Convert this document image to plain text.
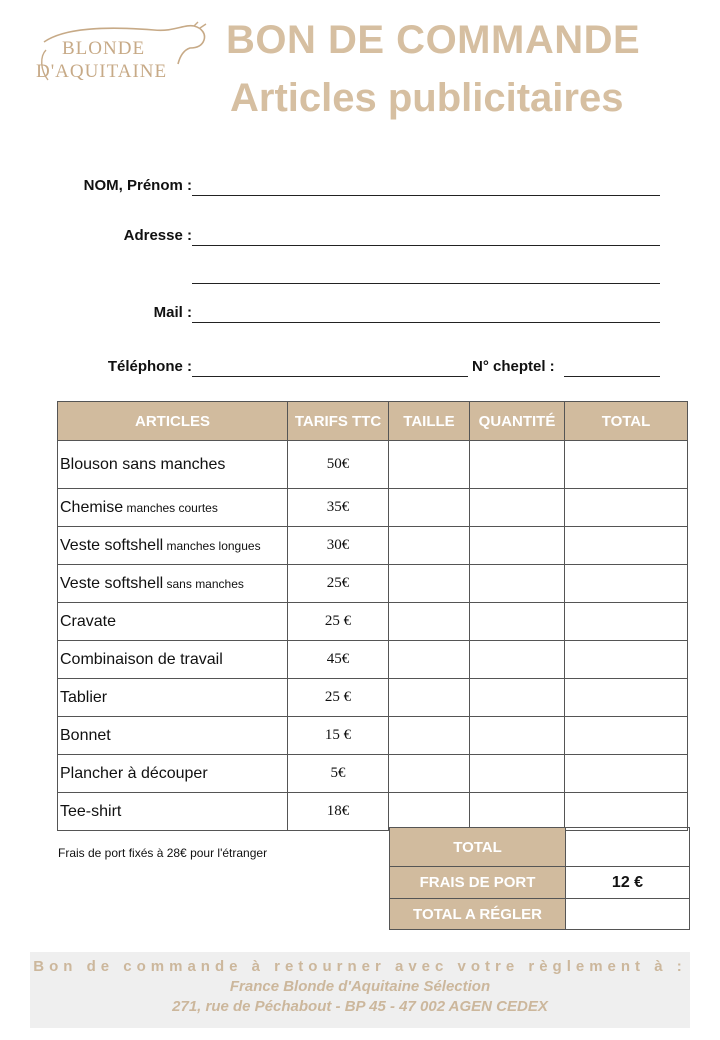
BLONDE
D'AQUITAINE
BON DE COMMANDE
Articles publicitaires
NOM, Prénom :
Adresse :
Mail :
Téléphone :	N° cheptel :
ARTICLES	TARIFS TTC	TAILLE	QUANTITÉ	TOTAL
Blouson sans manches	50€			
Chemise manches courtes	35€			
Veste softshell manches longues	30€			
Veste softshell sans manches	25€			
Cravate	25 €			
Combinaison de travail	45€			
Tablier	25 €			
Bonnet	15 €			
Plancher à découper	5€			
Tee-shirt	18€			
TOTAL	
FRAIS DE PORT	12 €
TOTAL A RÉGLER	
Frais de port fixés à 28€ pour l'étranger
Bon de commande à retourner avec votre règlement à :
France Blonde d'Aquitaine Sélection
271, rue de Péchabout - BP 45 - 47 002 AGEN CEDEX
